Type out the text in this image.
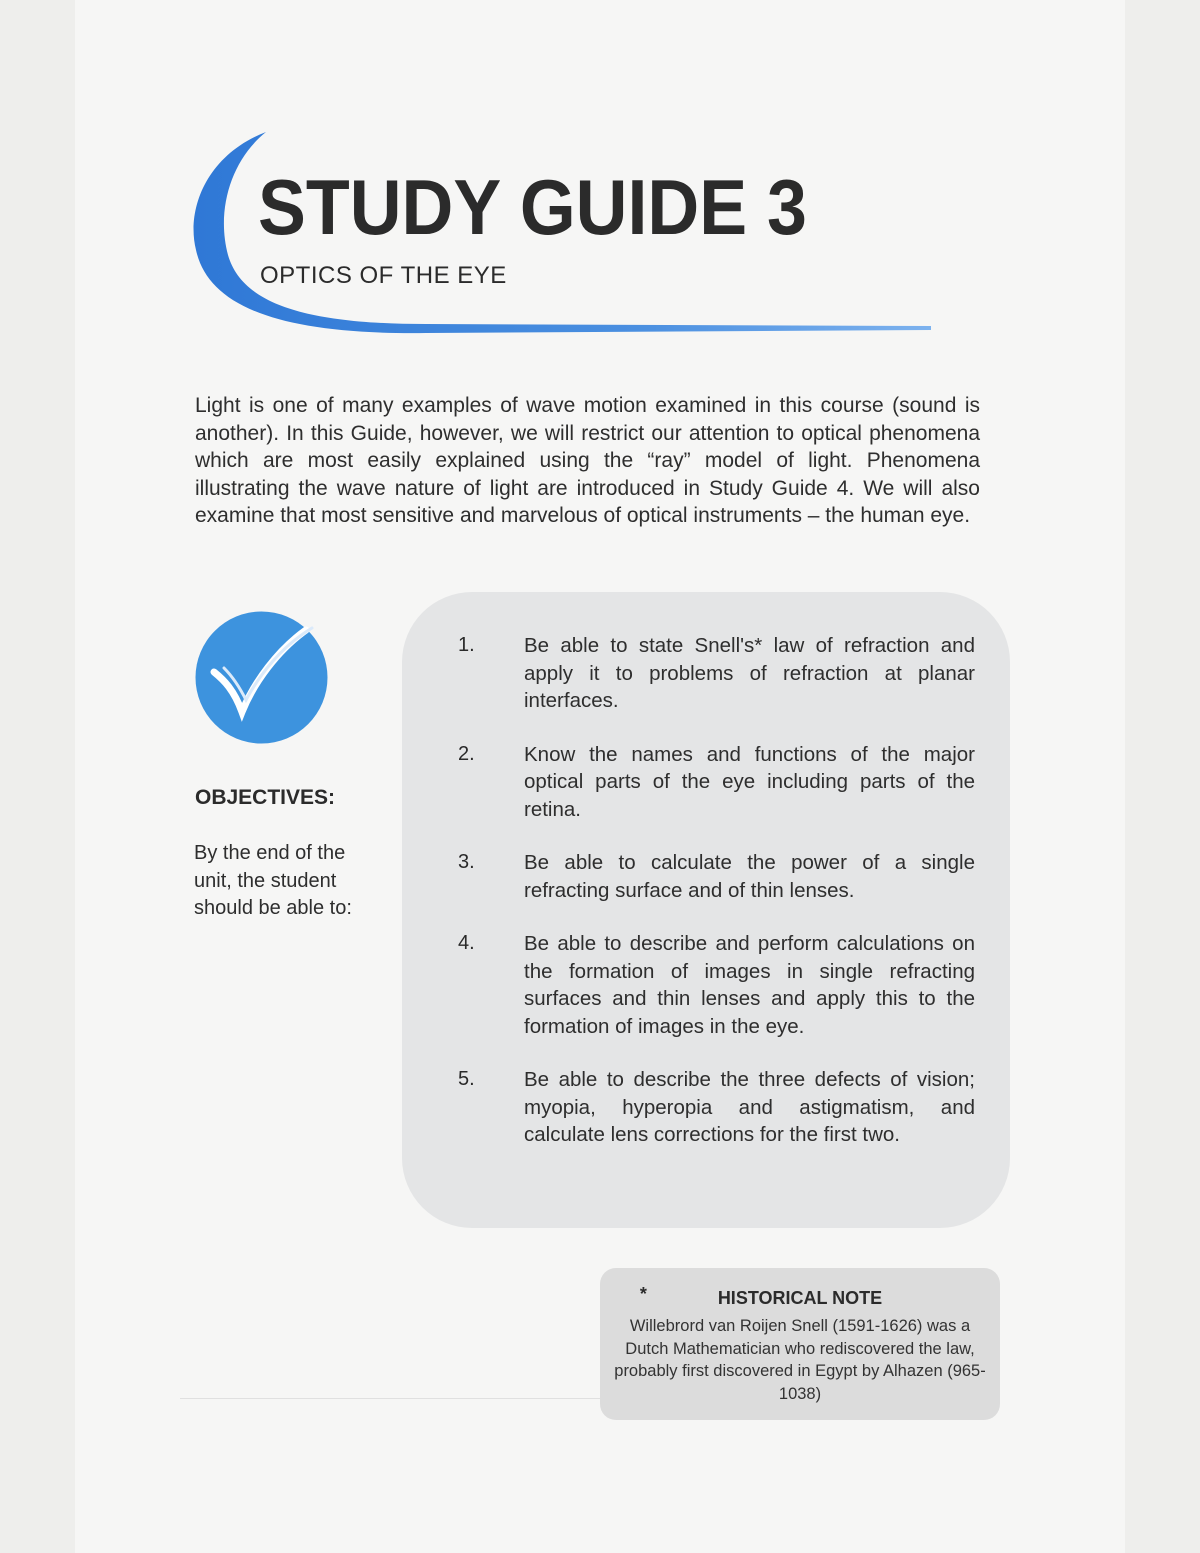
STUDY GUIDE 3
OPTICS OF THE EYE
Light is one of many examples of wave motion examined in this course (sound is another). In this Guide, however, we will restrict our attention to optical phenomena which are most easily explained using the “ray” model of light. Phenomena illustrating the wave nature of light are introduced in Study Guide 4. We will also examine that most sensitive and marvelous of optical instruments – the human eye.
OBJECTIVES:
By the end of the unit, the student should be able to:
1.	Be able to state Snell's* law of refraction and apply it to problems of refraction at planar interfaces.
2.	Know the names and functions of the major optical parts of the eye including parts of the retina.
3.	Be able to calculate the power of a single refracting surface and of thin lenses.
4.	Be able to describe and perform calculations on the formation of images in single refracting surfaces and thin lenses and apply this to the formation of images in the eye.
5.	Be able to describe the three defects of vision; myopia, hyperopia and astigmatism, and calculate lens corrections for the first two.
*	HISTORICAL NOTE
Willebrord van Roijen Snell (1591-1626) was a Dutch Mathematician who rediscovered the law, probably first discovered in Egypt by Alhazen (965-1038)
